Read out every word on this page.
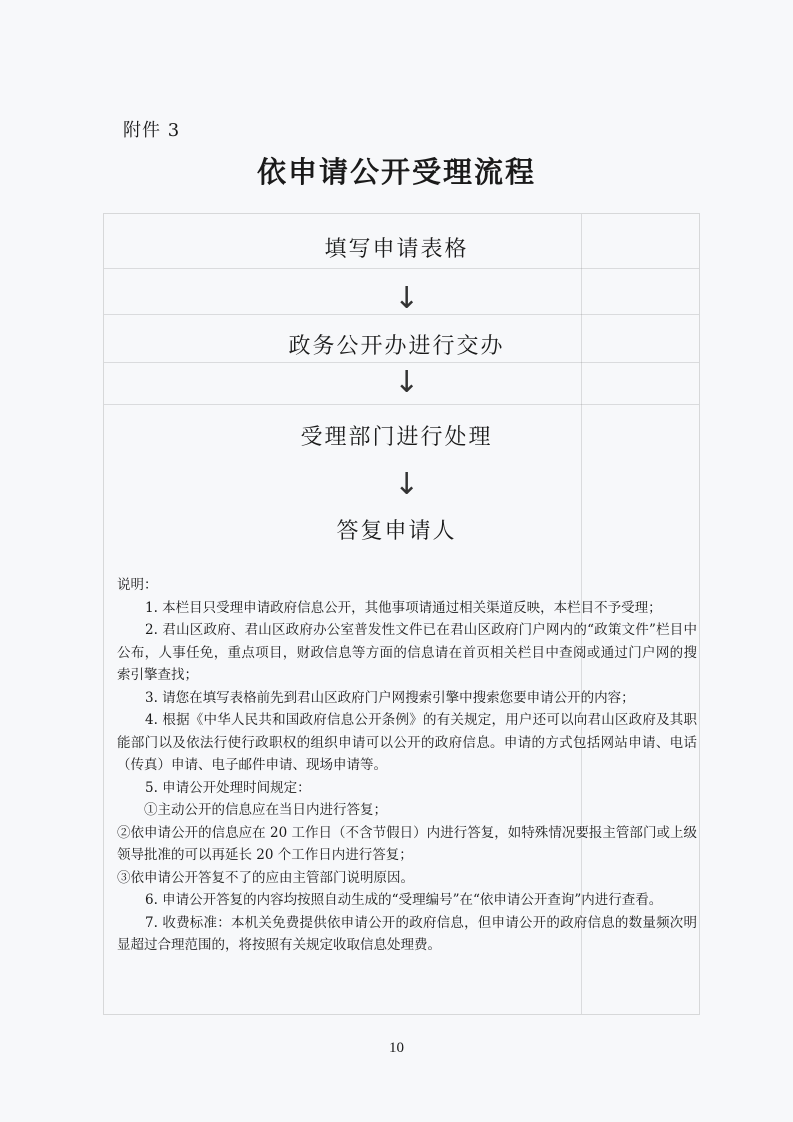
附件 3
依申请公开受理流程
填写申请表格
↓
政务公开办进行交办
↓
受理部门进行处理
↓
答复申请人

说明：

1. 本栏目只受理申请政府信息公开，其他事项请通过相关渠道反映，本栏目不予受理；

2. 君山区政府、君山区政府办公室普发性文件已在君山区政府门户网内的“政策文件”栏目中公布，人事任免，重点项目，财政信息等方面的信息请在首页相关栏目中查阅或通过门户网的搜索引擎查找；

3. 请您在填写表格前先到君山区政府门户网搜索引擎中搜索您要申请公开的内容；

4. 根据《中华人民共和国政府信息公开条例》的有关规定，用户还可以向君山区政府及其职能部门以及依法行使行政职权的组织申请可以公开的政府信息。申请的方式包括网站申请、电话（传真）申请、电子邮件申请、现场申请等。

5. 申请公开处理时间规定：

①主动公开的信息应在当日内进行答复；

②依申请公开的信息应在 20 工作日（不含节假日）内进行答复，如特殊情况要报主管部门或上级领导批准的可以再延长 20 个工作日内进行答复；

③依申请公开答复不了的应由主管部门说明原因。

6. 申请公开答复的内容均按照自动生成的“受理编号”在“依申请公开查询”内进行查看。

7. 收费标准：本机关免费提供依申请公开的政府信息，但申请公开的政府信息的数量频次明显超过合理范围的，将按照有关规定收取信息处理费。

10
